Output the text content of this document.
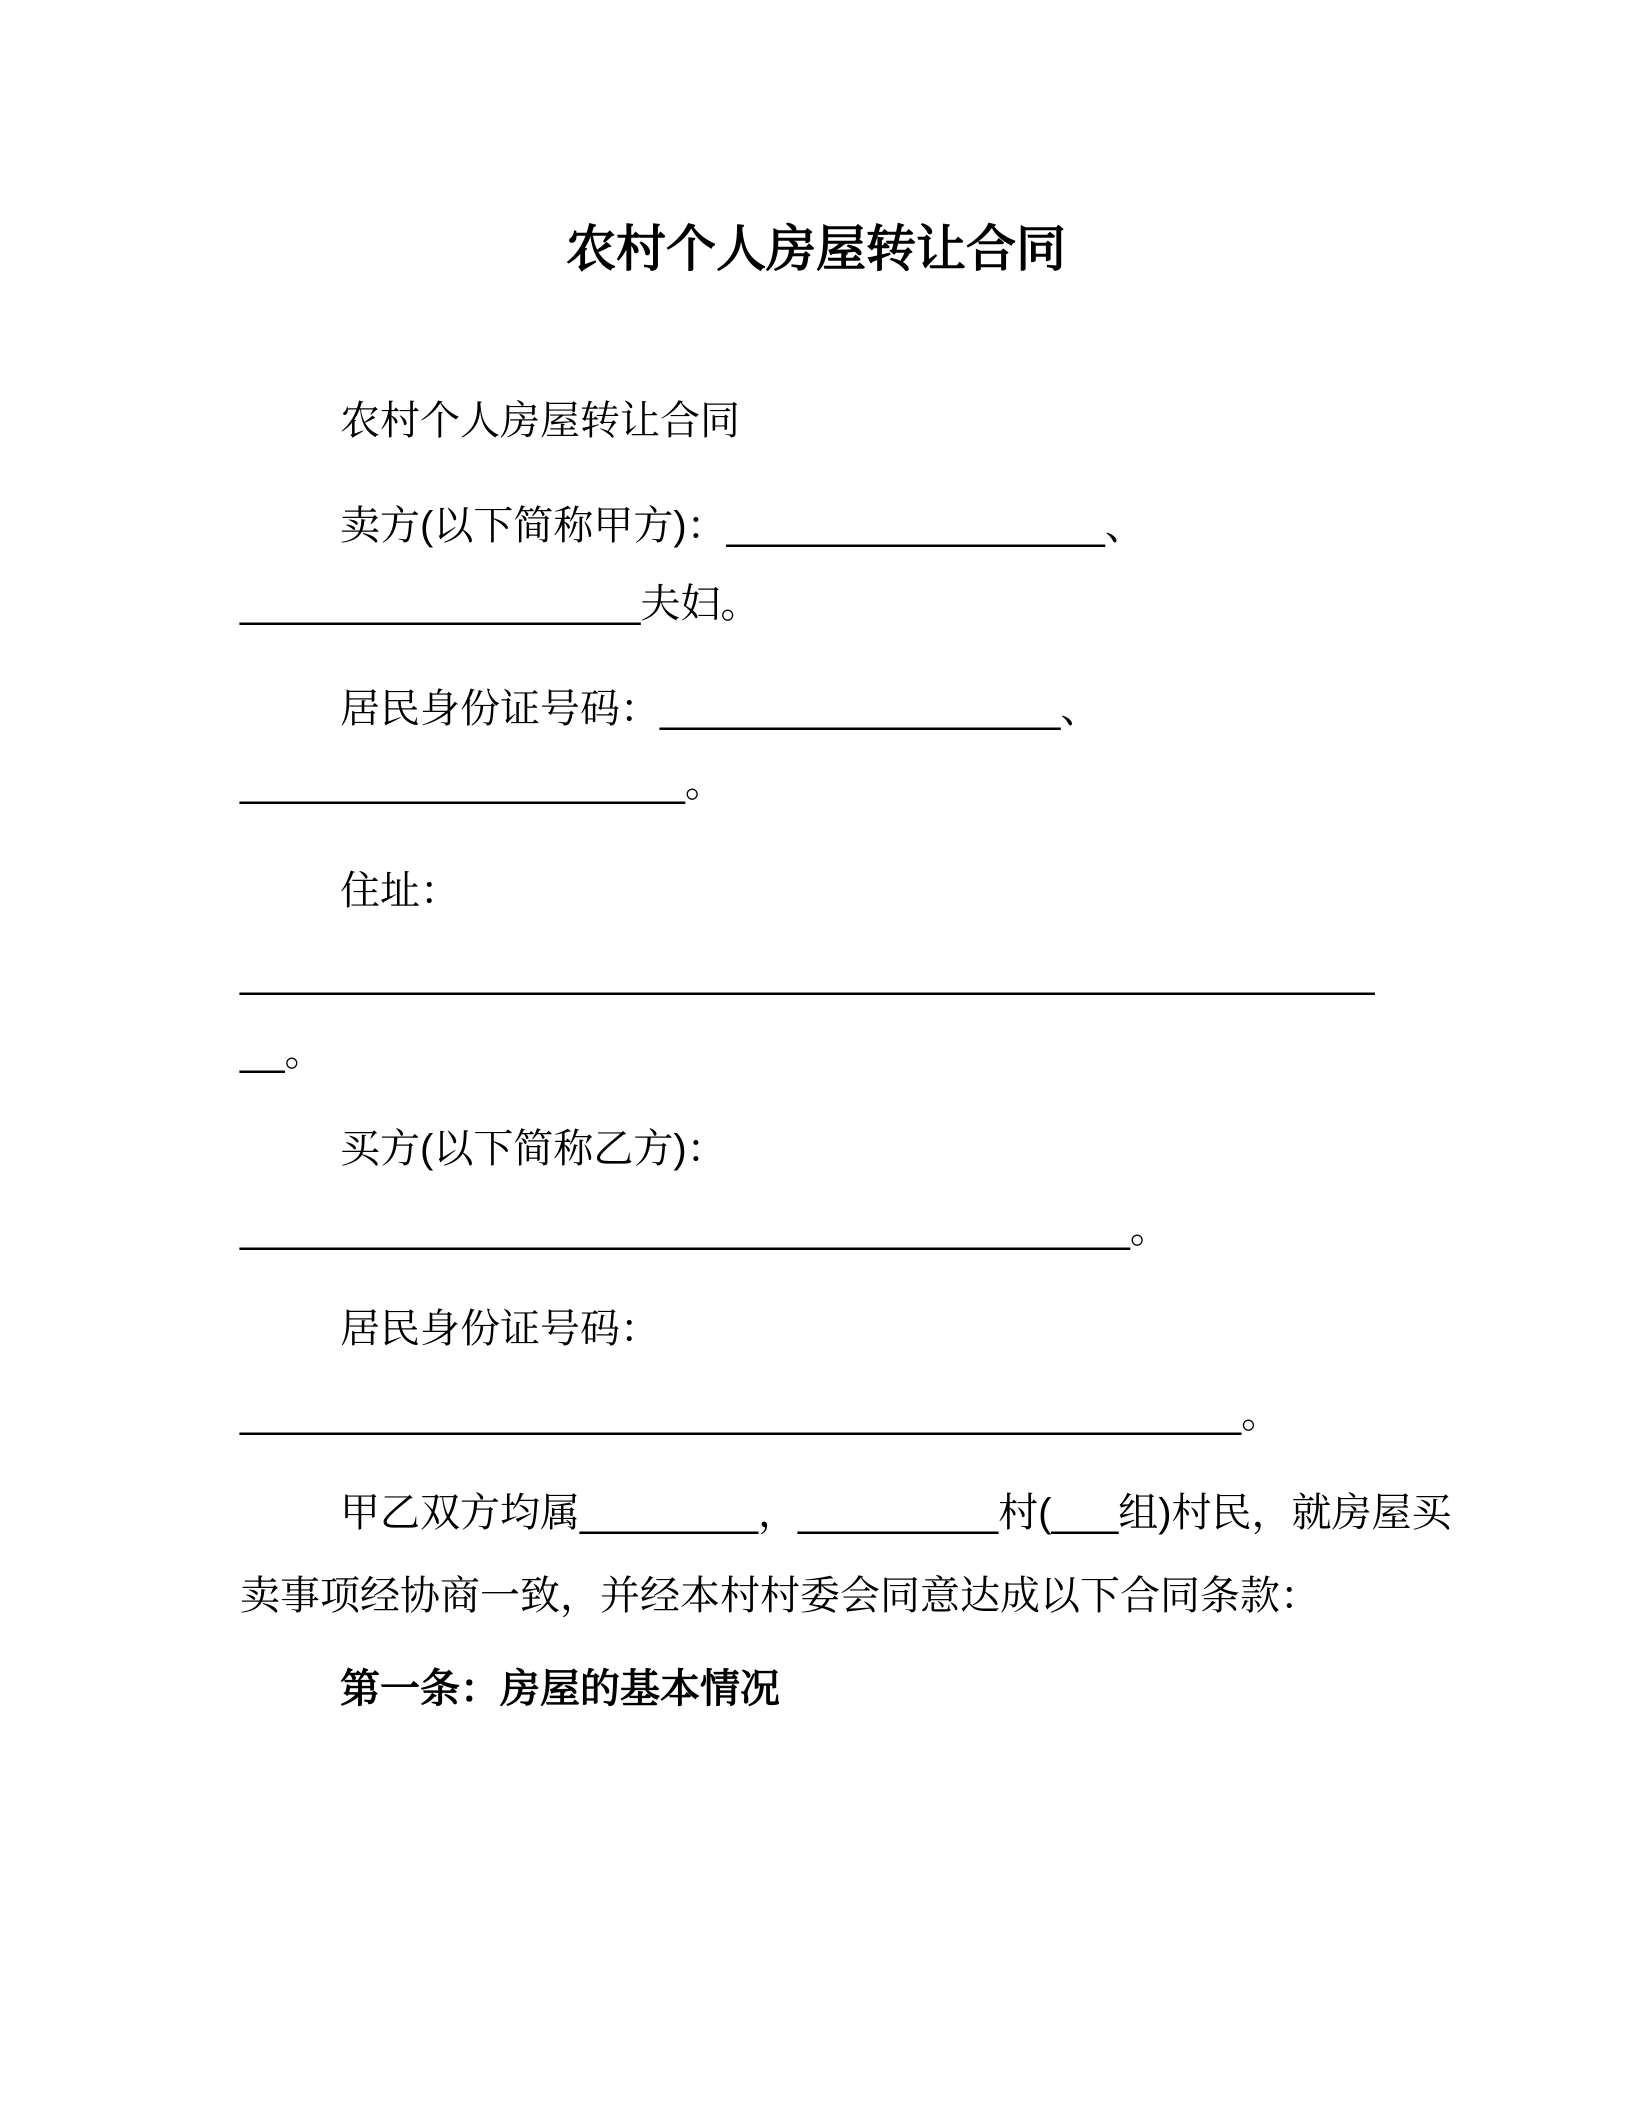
农村个人房屋转让合同
农村个人房屋转让合同
卖方(以下简称甲方)：_________________、
__________________夫妇。
居民身份证号码：__________________、
____________________。
住址：
___________________________________________________
__。
买方(以下简称乙方)：
________________________________________。
居民身份证号码：
_____________________________________________。
甲乙双方均属________，_________村(___组)村民，就房屋买
卖事项经协商一致，并经本村村委会同意达成以下合同条款：
第一条：房屋的基本情况
